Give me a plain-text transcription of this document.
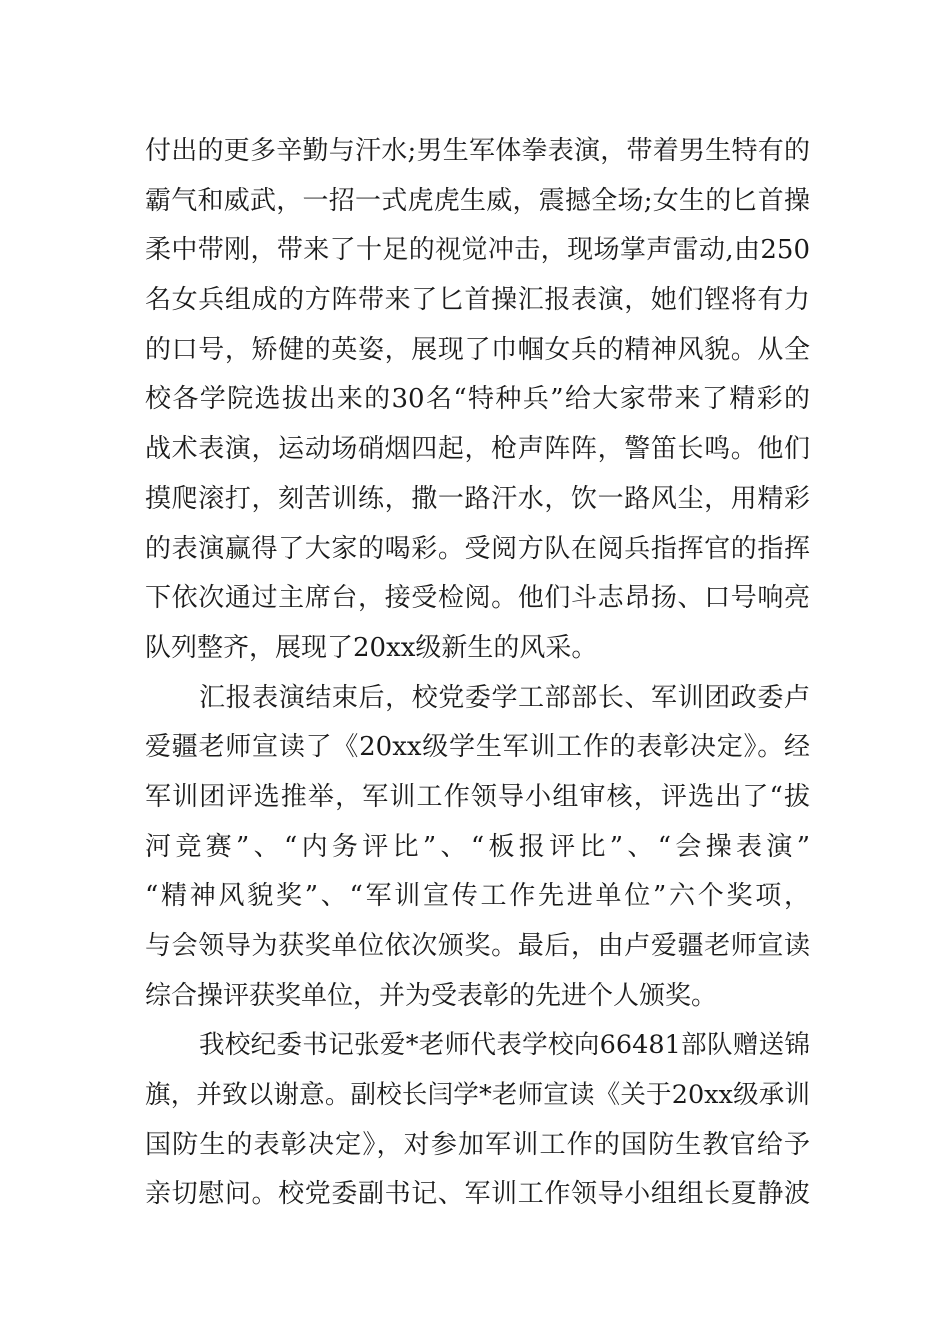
付出的更多辛勤与汗水;男生军体拳表演，带着男生特有的
霸气和威武，一招一式虎虎生威，震撼全场;女生的匕首操
柔中带刚，带来了十足的视觉冲击，现场掌声雷动,由250
名女兵组成的方阵带来了匕首操汇报表演，她们铿将有力
的口号，矫健的英姿，展现了巾帼女兵的精神风貌。从全
校各学院选拔出来的30名“特种兵”给大家带来了精彩的
战术表演，运动场硝烟四起，枪声阵阵，警笛长鸣。他们
摸爬滚打，刻苦训练，撒一路汗水，饮一路风尘，用精彩
的表演赢得了大家的喝彩。受阅方队在阅兵指挥官的指挥
下依次通过主席台，接受检阅。他们斗志昂扬、口号响亮
队列整齐，展现了20xx级新生的风采。
汇报表演结束后，校党委学工部部长、军训团政委卢
爱疆老师宣读了《20xx级学生军训工作的表彰决定》。经
军训团评选推举，军训工作领导小组审核，评选出了“拔
河竞赛”、“内务评比”、“板报评比”、“会操表演”
“精神风貌奖”、“军训宣传工作先进单位”六个奖项，
与会领导为获奖单位依次颁奖。最后，由卢爱疆老师宣读
综合操评获奖单位，并为受表彰的先进个人颁奖。
我校纪委书记张爱*老师代表学校向66481部队赠送锦
旗，并致以谢意。副校长闫学*老师宣读《关于20xx级承训
国防生的表彰决定》，对参加军训工作的国防生教官给予
亲切慰问。校党委副书记、军训工作领导小组组长夏静波
